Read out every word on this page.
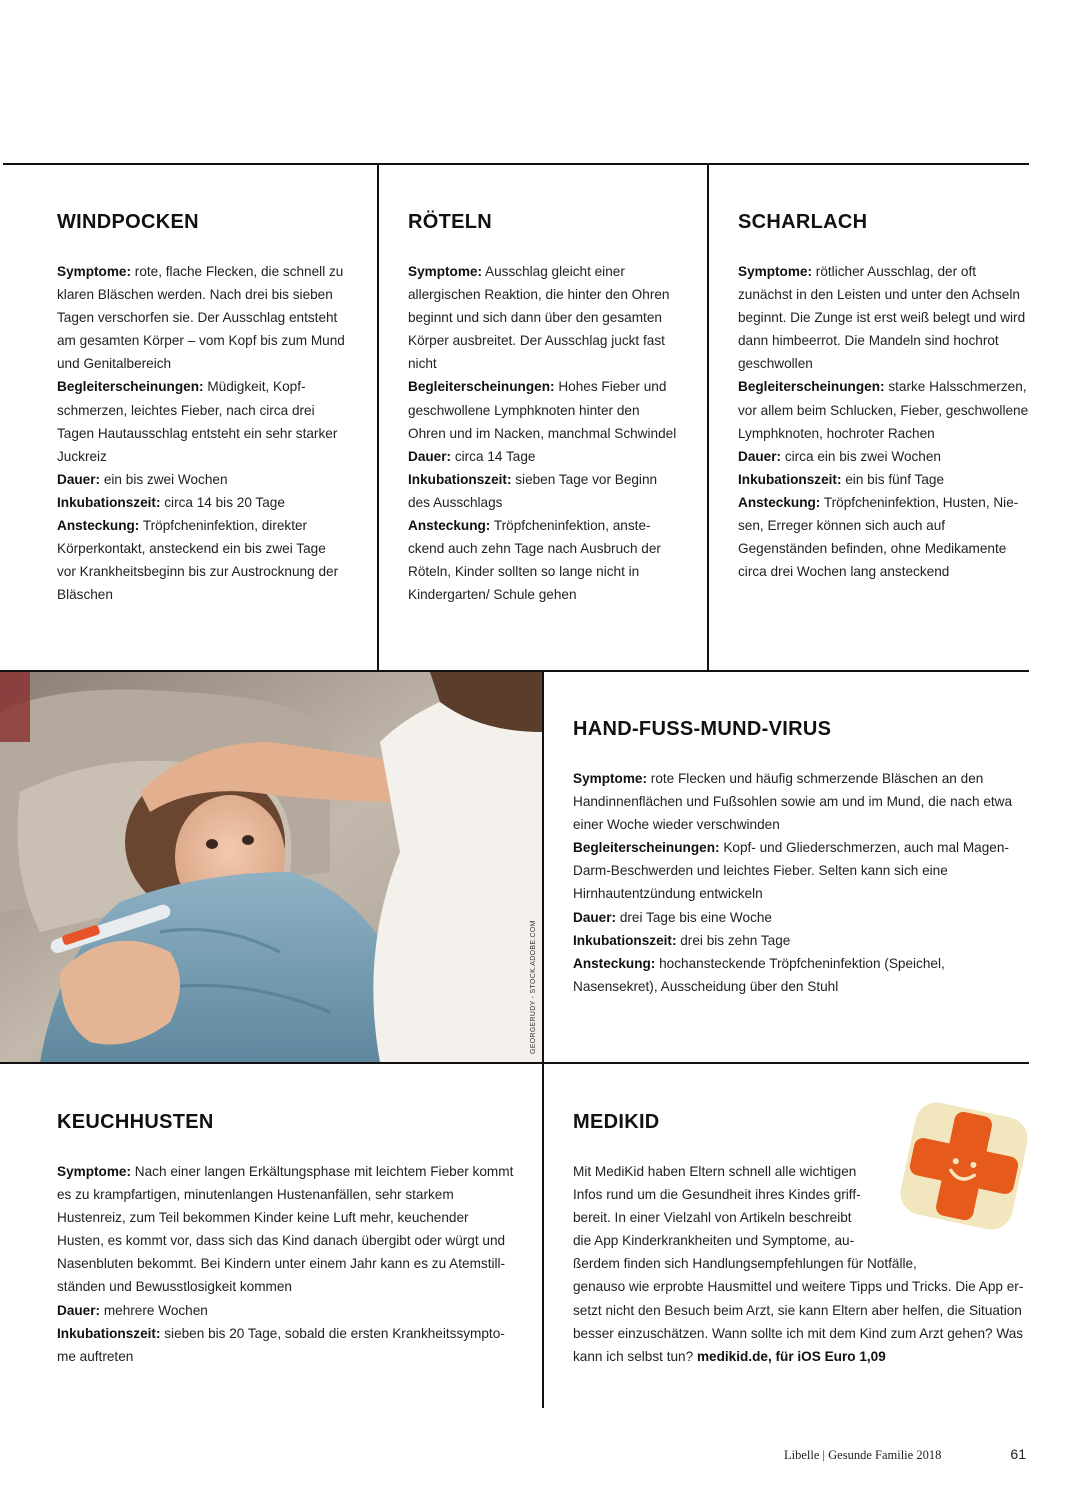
WINDPOCKEN

Symptome: rote, flache Flecken, die schnell zu klaren Bläschen werden. Nach drei bis sieben Tagen verschorfen sie. Der Ausschlag entsteht am gesamten Körper – vom Kopf bis zum Mund und Genitalbereich
Begleiterscheinungen: Müdigkeit, Kopfschmerzen, leichtes Fieber, nach circa drei Tagen Hautausschlag entsteht ein sehr starker Juckreiz
Dauer: ein bis zwei Wochen
Inkubationszeit: circa 14 bis 20 Tage
Ansteckung: Tröpfcheninfektion, direkter Körperkontakt, ansteckend ein bis zwei Tage vor Krankheitsbeginn bis zur Austrocknung der Bläschen

RÖTELN

Symptome: Ausschlag gleicht einer allergischen Reaktion, die hinter den Ohren beginnt und sich dann über den gesamten Körper ausbreitet. Der Ausschlag juckt fast nicht
Begleiterscheinungen: Hohes Fieber und geschwollene Lymphknoten hinter den Ohren und im Nacken, manchmal Schwindel
Dauer: circa 14 Tage
Inkubationszeit: sieben Tage vor Beginn des Ausschlags
Ansteckung: Tröpfcheninfektion, ansteckend auch zehn Tage nach Ausbruch der Röteln, Kinder sollten so lange nicht in Kindergarten/ Schule gehen

SCHARLACH

Symptome: rötlicher Ausschlag, der oft zunächst in den Leisten und unter den Achseln beginnt. Die Zunge ist erst weiß belegt und wird dann himbeerrot. Die Mandeln sind hochrot geschwollen
Begleiterscheinungen: starke Halsschmerzen, vor allem beim Schlucken, Fieber, geschwollene Lymphknoten, hochroter Rachen
Dauer: circa ein bis zwei Wochen
Inkubationszeit: ein bis fünf Tage
Ansteckung: Tröpfcheninfektion, Husten, Niesen, Erreger können sich auch auf Gegenständen befinden, ohne Medikamente circa drei Wochen lang ansteckend

GEORGERUDY - STOCK.ADOBE.COM
HAND-FUSS-MUND-VIRUS

Symptome: rote Flecken und häufig schmerzende Bläschen an den Handinnenflächen und Fußsohlen sowie am und im Mund, die nach etwa einer Woche wieder verschwinden
Begleiterscheinungen: Kopf- und Gliederschmerzen, auch mal Magen-Darm-Beschwerden und leichtes Fieber. Selten kann sich eine Hirnhautentzündung entwickeln
Dauer: drei Tage bis eine Woche
Inkubationszeit: drei bis zehn Tage
Ansteckung: hochansteckende Tröpfcheninfektion (Speichel, Nasensekret), Ausscheidung über den Stuhl

KEUCHHUSTEN

Symptome: Nach einer langen Erkältungsphase mit leichtem Fieber kommt es zu krampfartigen, minutenlangen Hustenanfällen, sehr starkem Hustenreiz, zum Teil bekommen Kinder keine Luft mehr, keuchender Husten, es kommt vor, dass sich das Kind danach übergibt oder würgt und Nasenbluten bekommt. Bei Kindern unter einem Jahr kann es zu Atemstillständen und Bewusstlosigkeit kommen
Dauer: mehrere Wochen
Inkubationszeit: sieben bis 20 Tage, sobald die ersten Krankheitssymptome auftreten

MEDIKID

Mit MediKid haben Eltern schnell alle wichtigen
Infos rund um die Gesundheit ihres Kindes griff-
bereit. In einer Vielzahl von Artikeln beschreibt
die App Kinderkrankheiten und Symptome, au-
ßerdem finden sich Handlungsempfehlungen für Notfälle,
genauso wie erprobte Hausmittel und weitere Tipps und Tricks. Die App ersetzt nicht den Besuch beim Arzt, sie kann Eltern aber helfen, die Situation besser einzuschätzen. Wann sollte ich mit dem Kind zum Arzt gehen? Was kann ich selbst tun? medikid.de, für iOS Euro 1,09

Libelle | Gesunde Familie 2018	61
